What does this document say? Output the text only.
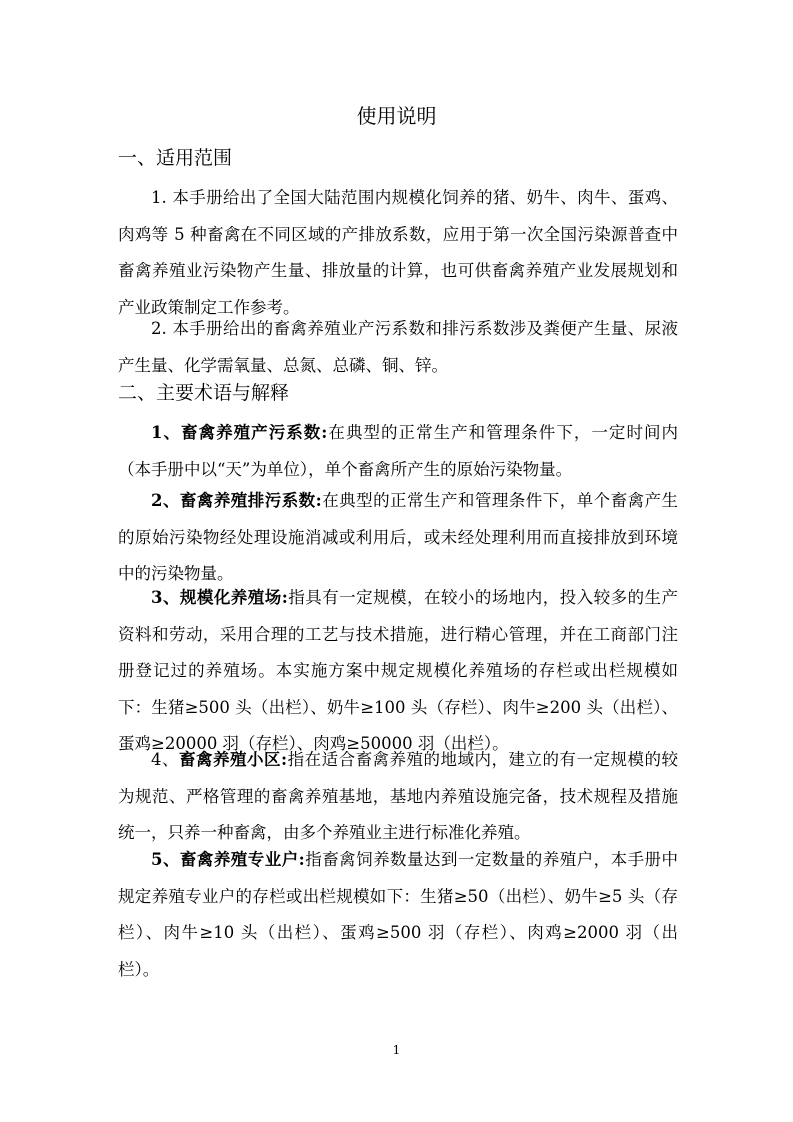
使用说明
一、适用范围

1. 本手册给出了全国大陆范围内规模化饲养的猪、奶牛、肉牛、蛋鸡、肉鸡等 5 种畜禽在不同区域的产排放系数，应用于第一次全国污染源普查中畜禽养殖业污染物产生量、排放量的计算，也可供畜禽养殖产业发展规划和产业政策制定工作参考。

2. 本手册给出的畜禽养殖业产污系数和排污系数涉及粪便产生量、尿液产生量、化学需氧量、总氮、总磷、铜、锌。

二、主要术语与解释

1、畜禽养殖产污系数:在典型的正常生产和管理条件下，一定时间内（本手册中以“天”为单位），单个畜禽所产生的原始污染物量。

2、畜禽养殖排污系数:在典型的正常生产和管理条件下，单个畜禽产生的原始污染物经处理设施消减或利用后，或未经处理利用而直接排放到环境中的污染物量。

3、规模化养殖场:指具有一定规模，在较小的场地内，投入较多的生产资料和劳动，采用合理的工艺与技术措施，进行精心管理，并在工商部门注册登记过的养殖场。本实施方案中规定规模化养殖场的存栏或出栏规模如下：生猪≥500 头（出栏）、奶牛≥100 头（存栏）、肉牛≥200 头（出栏）、蛋鸡≥20000 羽（存栏）、肉鸡≥50000 羽（出栏）。

4、畜禽养殖小区:指在适合畜禽养殖的地域内，建立的有一定规模的较为规范、严格管理的畜禽养殖基地，基地内养殖设施完备，技术规程及措施统一，只养一种畜禽，由多个养殖业主进行标准化养殖。

5、畜禽养殖专业户:指畜禽饲养数量达到一定数量的养殖户，本手册中规定养殖专业户的存栏或出栏规模如下：生猪≥50（出栏）、奶牛≥5 头（存栏）、肉牛≥10 头（出栏）、蛋鸡≥500 羽（存栏）、肉鸡≥2000 羽（出栏）。

1
